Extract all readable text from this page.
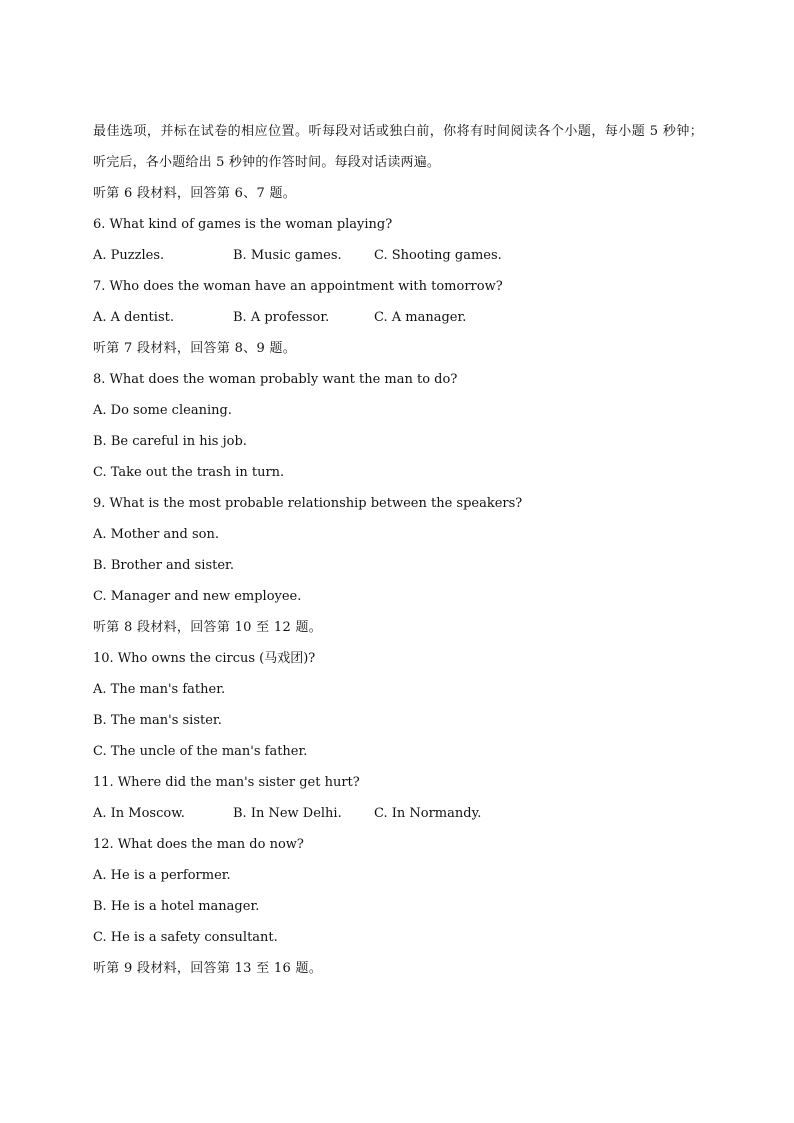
最佳选项，并标在试卷的相应位置。听每段对话或独白前，你将有时间阅读各个小题，每小题 5 秒钟；听完后，各小题给出 5 秒钟的作答时间。每段对话读两遍。
听第 6 段材料，回答第 6、7 题。
6. What kind of games is the woman playing?
A. Puzzles.	B. Music games.	C. Shooting games.
7. Who does the woman have an appointment with tomorrow?
A. A dentist.	B. A professor.	C. A manager.
听第 7 段材料，回答第 8、9 题。
8. What does the woman probably want the man to do?
A. Do some cleaning.
B. Be careful in his job.
C. Take out the trash in turn.
9. What is the most probable relationship between the speakers?
A. Mother and son.
B. Brother and sister.
C. Manager and new employee.
听第 8 段材料，回答第 10 至 12 题。
10. Who owns the circus (马戏团)?
A. The man's father.
B. The man's sister.
C. The uncle of the man's father.
11. Where did the man's sister get hurt?
A. In Moscow.	B. In New Delhi.	C. In Normandy.
12. What does the man do now?
A. He is a performer.
B. He is a hotel manager.
C. He is a safety consultant.
听第 9 段材料，回答第 13 至 16 题。
